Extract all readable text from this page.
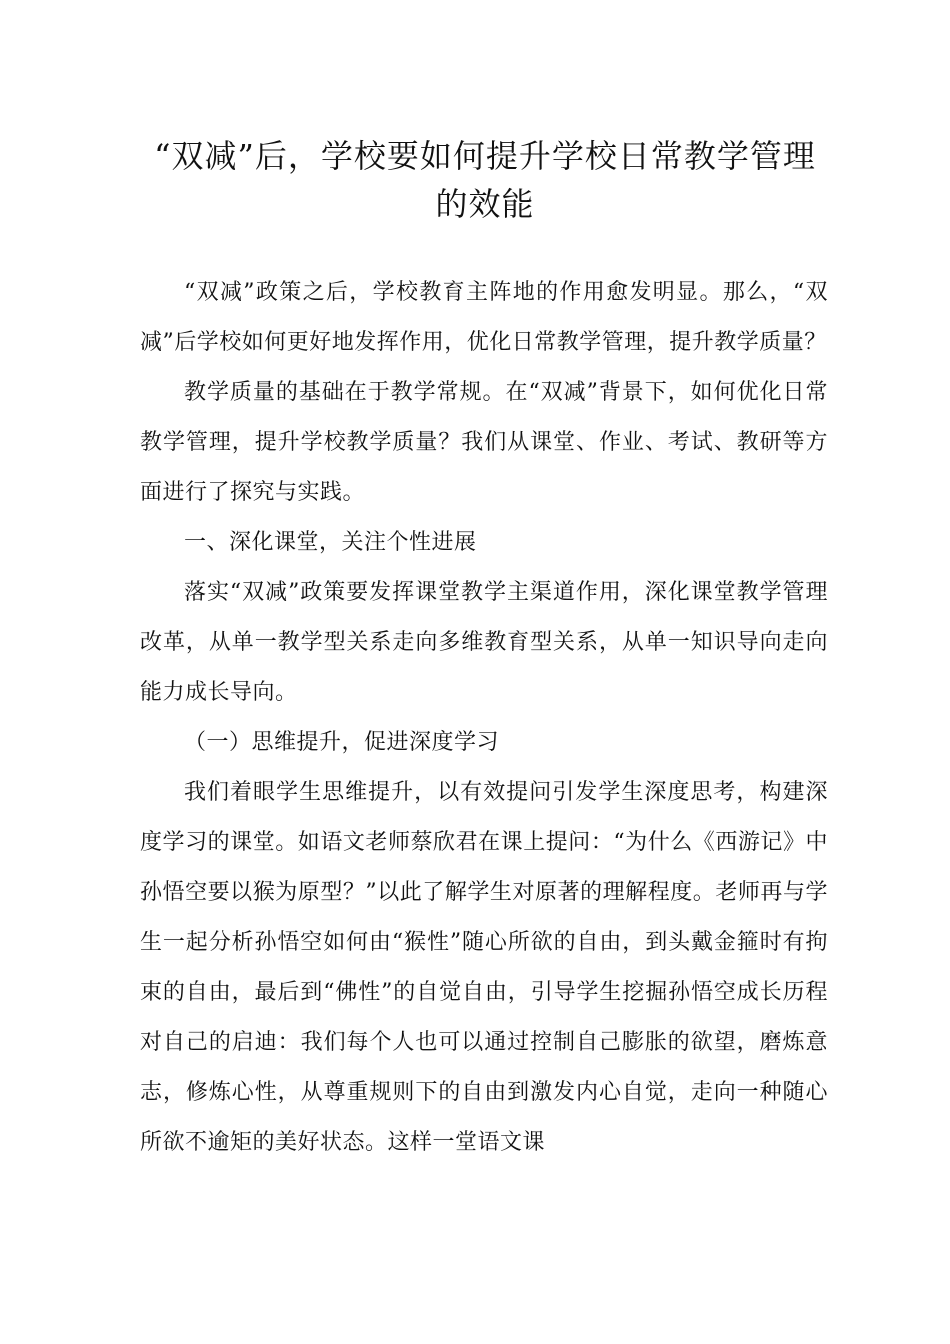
“双减”后，学校要如何提升学校日常教学管理的效能

“双减”政策之后，学校教育主阵地的作用愈发明显。那么，“双减”后学校如何更好地发挥作用，优化日常教学管理，提升教学质量？

教学质量的基础在于教学常规。在“双减”背景下，如何优化日常教学管理，提升学校教学质量？我们从课堂、作业、考试、教研等方面进行了探究与实践。

一、深化课堂，关注个性进展

落实“双减”政策要发挥课堂教学主渠道作用，深化课堂教学管理改革，从单一教学型关系走向多维教育型关系，从单一知识导向走向能力成长导向。

（一）思维提升，促进深度学习

我们着眼学生思维提升，以有效提问引发学生深度思考，构建深度学习的课堂。如语文老师蔡欣君在课上提问：“为什么《西游记》中孙悟空要以猴为原型？”以此了解学生对原著的理解程度。老师再与学生一起分析孙悟空如何由“猴性”随心所欲的自由，到头戴金箍时有拘束的自由，最后到“佛性”的自觉自由，引导学生挖掘孙悟空成长历程对自己的启迪：我们每个人也可以通过控制自己膨胀的欲望，磨炼意志，修炼心性，从尊重规则下的自由到激发内心自觉，走向一种随心所欲不逾矩的美好状态。这样一堂语文课
